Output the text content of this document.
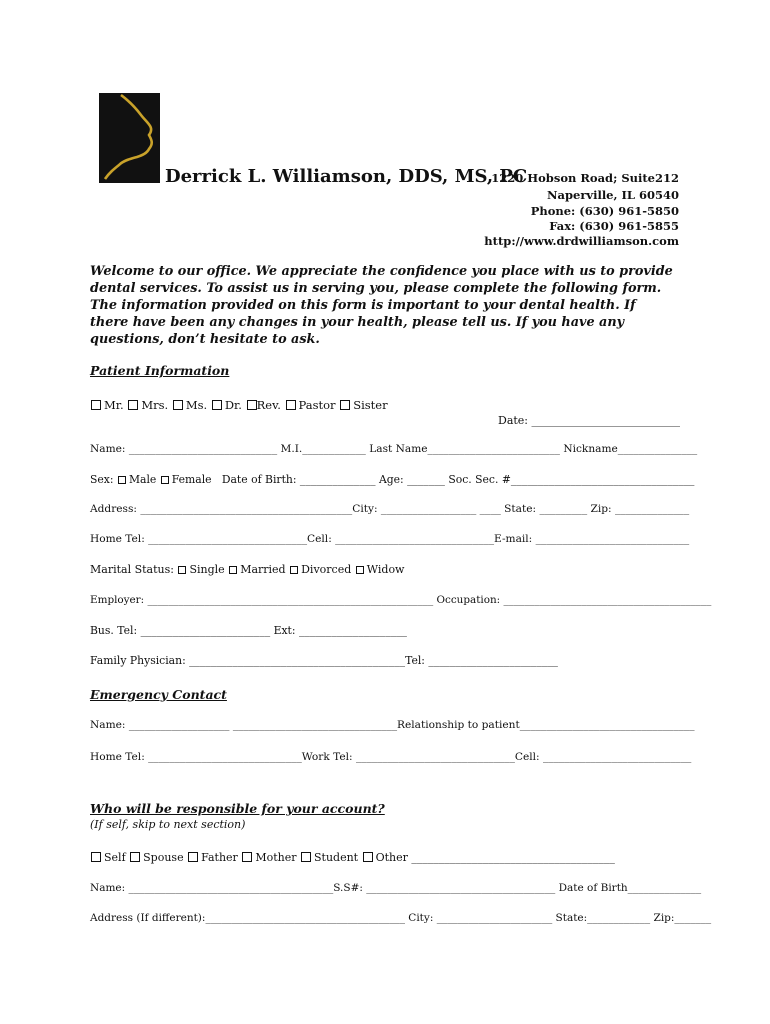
Derrick L. Williamson, DDS, MS, PC
1220 Hobson Road; Suite212
Naperville, IL 60540
Phone: (630) 961-5850
Fax: (630) 961-5855
http://www.drdwilliamson.com
Welcome to our office. We appreciate the confidence you place with us to provide dental services. To assist us in serving you, please complete the following form. The information provided on this form is important to your dental health. If there have been any changes in your health, please tell us. If you have any questions, don’t hesitate to ask.
Patient Information
Mr. Mrs. Ms. Dr. Rev. Pastor Sister
Date: ___________________________
Name: ____________________________ M.I.____________ Last Name_________________________ Nickname_______________
Sex: Male Female Date of Birth: ______________ Age: _______ Soc. Sec. #__________________________________
Address: ________________________________________City: __________________ ____ State: _________ Zip: ______________
Home Tel: ______________________________Cell: ______________________________E-mail: _____________________________
Marital Status: Single Married Divorced Widow
Employer: _______________________________________________________ Occupation: ________________________________________
Bus. Tel: ________________________ Ext: ____________________
Family Physician: ________________________________________Tel: ________________________
Emergency Contact
Name: ___________________ _______________________________Relationship to patient_________________________________
Home Tel: _____________________________Work Tel: ______________________________Cell: ____________________________
Who will be responsible for your account?
(If self, skip to next section)
Self Spouse Father Mother Student Other _____________________________________
Name: _______________________________________S.S#: ____________________________________ Date of Birth______________
Address (If different):______________________________________ City: ______________________ State:____________ Zip:_______
